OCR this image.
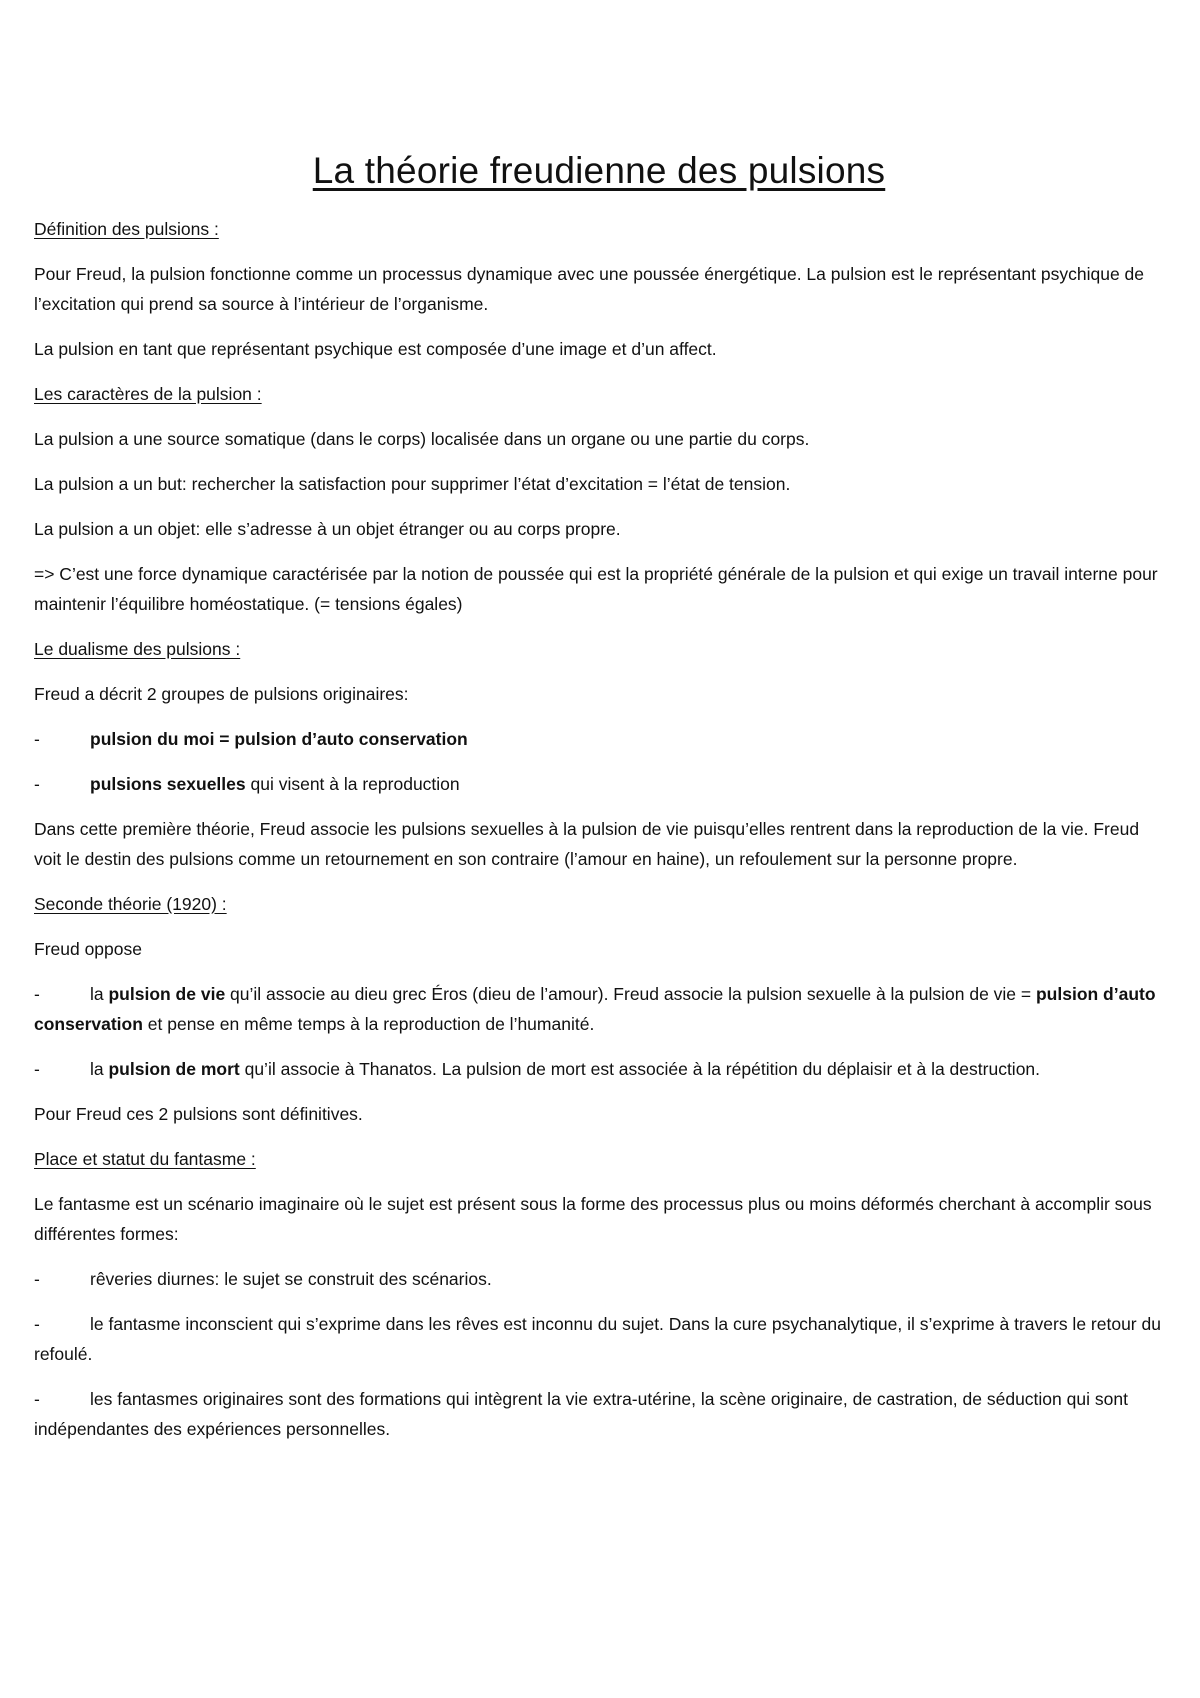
La théorie freudienne des pulsions
Définition des pulsions :
Pour Freud, la pulsion fonctionne comme un processus dynamique avec une poussée énergétique. La pulsion est le représentant psychique de l’excitation qui prend sa source à l’intérieur de l’organisme.
La pulsion en tant que représentant psychique est composée d’une image et d’un affect.
Les caractères de la pulsion :
La pulsion a une source somatique (dans le corps) localisée dans un organe ou une partie du corps.
La pulsion a un but: rechercher la satisfaction pour supprimer l’état d’excitation = l’état de tension.
La pulsion a un objet: elle s’adresse à un objet étranger ou au corps propre.
=> C’est une force dynamique caractérisée par la notion de poussée qui est la propriété générale de la pulsion et qui exige un travail interne pour maintenir l’équilibre homéostatique. (= tensions égales)
Le dualisme des pulsions :
Freud a décrit 2 groupes de pulsions originaires:
-	pulsion du moi = pulsion d’auto conservation
-	pulsions sexuelles qui visent à la reproduction
Dans cette première théorie, Freud associe les pulsions sexuelles à la pulsion de vie puisqu’elles rentrent dans la reproduction de la vie. Freud voit le destin des pulsions comme un retournement en son contraire (l’amour en haine), un refoulement sur la personne propre.
Seconde théorie (1920) :
Freud oppose
-	la pulsion de vie qu’il associe au dieu grec Éros (dieu de l’amour). Freud associe la pulsion sexuelle à la pulsion de vie = pulsion d’auto conservation et pense en même temps à la reproduction de l’humanité.
-	la pulsion de mort qu’il associe à Thanatos. La pulsion de mort est associée à la répétition du déplaisir et à la destruction.
Pour Freud ces 2 pulsions sont définitives.
Place et statut du fantasme :
Le fantasme est un scénario imaginaire où le sujet est présent sous la forme des processus plus ou moins déformés cherchant à accomplir sous différentes formes:
-	rêveries diurnes: le sujet se construit des scénarios.
-	le fantasme inconscient qui s’exprime dans les rêves est inconnu du sujet. Dans la cure psychanalytique, il s’exprime à travers le retour du refoulé.
-	les fantasmes originaires sont des formations qui intègrent la vie extra-utérine, la scène originaire, de castration, de séduction qui sont indépendantes des expériences personnelles.
